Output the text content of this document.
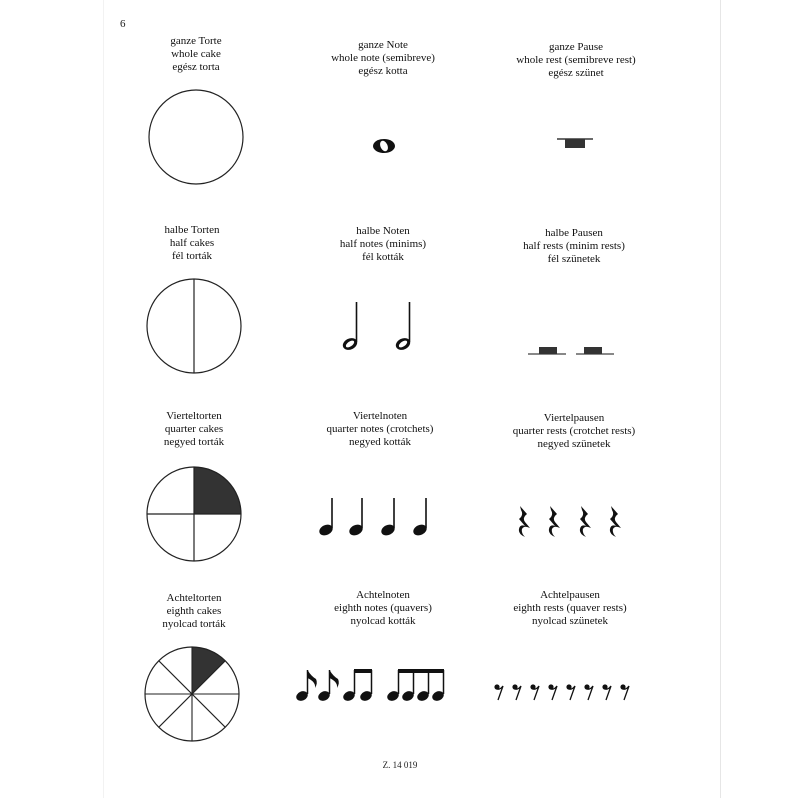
6
ganze Torte
whole cake
egész torta
ganze Note
whole note (semibreve)
egész kotta
ganze Pause
whole rest (semibreve rest)
egész szünet
halbe Torten
half cakes
fél torták
halbe Noten
half notes (minims)
fél kották
halbe Pausen
half rests (minim rests)
fél szünetek
Vierteltorten
quarter cakes
negyed torták
Viertelnoten
quarter notes (crotchets)
negyed kották
Viertelpausen
quarter rests (crotchet rests)
negyed szünetek
Achteltorten
eighth cakes
nyolcad torták
Achtelnoten
eighth notes (quavers)
nyolcad kották
Achtelpausen
eighth rests (quaver rests)
nyolcad szünetek
Z. 14 019
